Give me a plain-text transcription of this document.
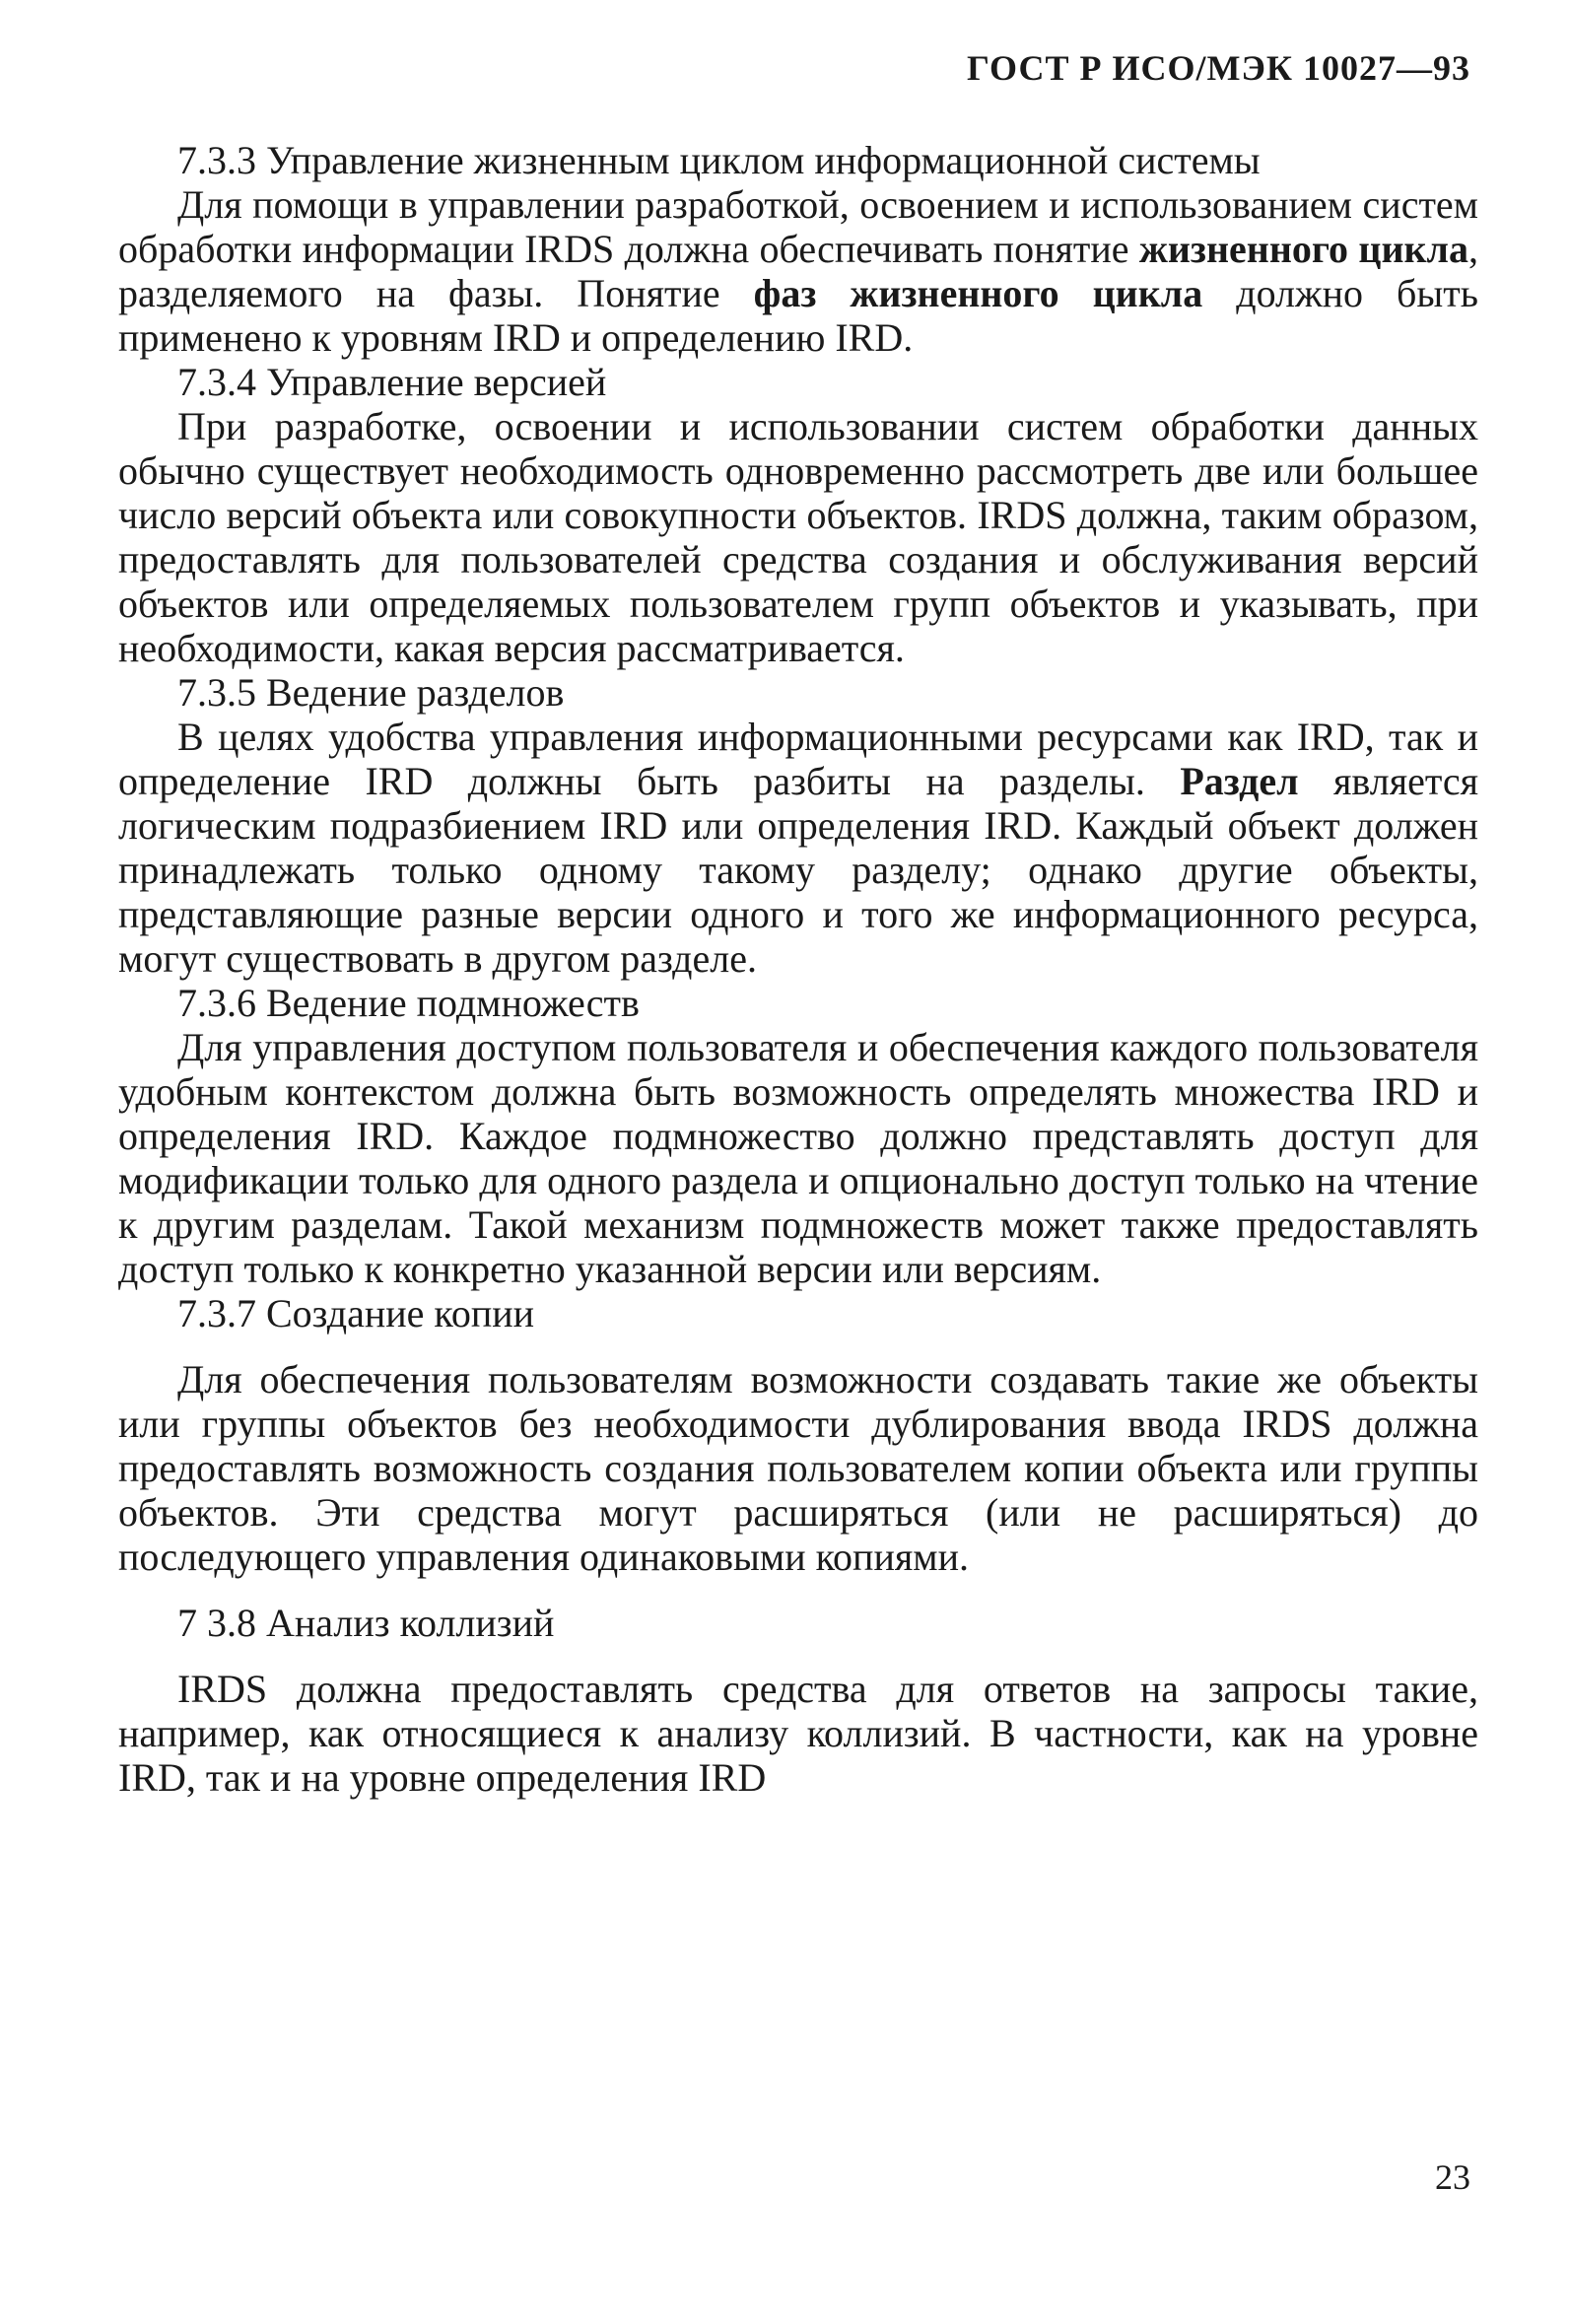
ГОСТ Р ИСО/МЭК 10027—93

7.3.3 Управление жизненным циклом информационной системы

Для помощи в управлении разработкой, освоением и использованием систем обработки информации IRDS должна обеспечивать понятие жизненного цикла, разделяемого на фазы. Понятие фаз жизненного цикла должно быть применено к уровням IRD и определению IRD.

7.3.4 Управление версией

При разработке, освоении и использовании систем обработки данных обычно существует необходимость одновременно рассмотреть две или большее число версий объекта или совокупности объектов. IRDS должна, таким образом, предоставлять для пользователей средства создания и обслуживания версий объектов или определяемых пользователем групп объектов и указывать, при необходимости, какая версия рассматривается.

7.3.5 Ведение разделов

В целях удобства управления информационными ресурсами как IRD, так и определение IRD должны быть разбиты на разделы. Раздел является логическим подразбиением IRD или определения IRD. Каждый объект должен принадлежать только одному такому разделу; однако другие объекты, представляющие разные версии одного и того же информационного ресурса, могут существовать в другом разделе.

7.3.6 Ведение подмножеств

Для управления доступом пользователя и обеспечения каждого пользователя удобным контекстом должна быть возможность определять множества IRD и определения IRD. Каждое подмножество должно представлять доступ для модификации только для одного раздела и опционально доступ только на чтение к другим разделам. Такой механизм подмножеств может также предоставлять доступ только к конкретно указанной версии или версиям.

7.3.7 Создание копии

Для обеспечения пользователям возможности создавать такие же объекты или группы объектов без необходимости дублирования ввода IRDS должна предоставлять возможность создания пользователем копии объекта или группы объектов. Эти средства могут расширяться (или не расширяться) до последующего управления одинаковыми копиями.

7 3.8 Анализ коллизий

IRDS должна предоставлять средства для ответов на запросы такие, например, как относящиеся к анализу коллизий. В частности, как на уровне IRD, так и на уровне определения IRD

23
